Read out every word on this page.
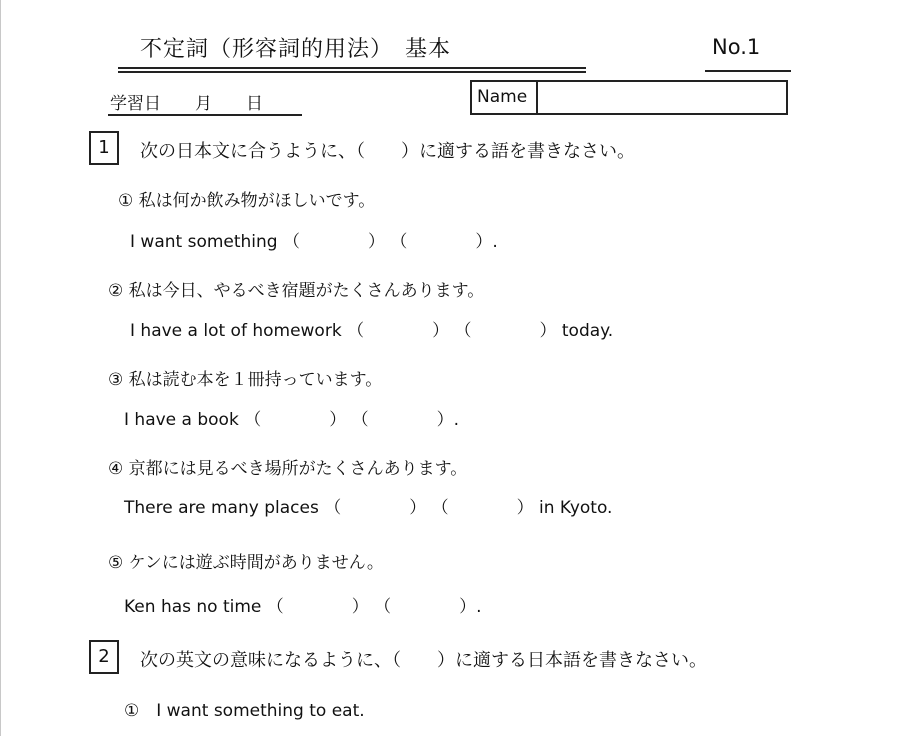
不定詞（形容詞的用法）　基本	No.1
学習日　　月　　日	Name
1	次の日本文に合うように、（　　）に適する語を書きなさい。
① 私は何か飲み物がほしいです。
I want something （　　　　） （　　　　）.
② 私は今日、やるべき宿題がたくさんあります。
I have a lot of homework （　　　　） （　　　　） today.
③ 私は読む本を１冊持っています。
I have a book （　　　　） （　　　　）.
④ 京都には見るべき場所がたくさんあります。
There are many places （　　　　） （　　　　） in Kyoto.
⑤ ケンには遊ぶ時間がありません。
Ken has no time （　　　　） （　　　　）.
2	次の英文の意味になるように、（　　）に適する日本語を書きなさい。
①　I want something to eat.
